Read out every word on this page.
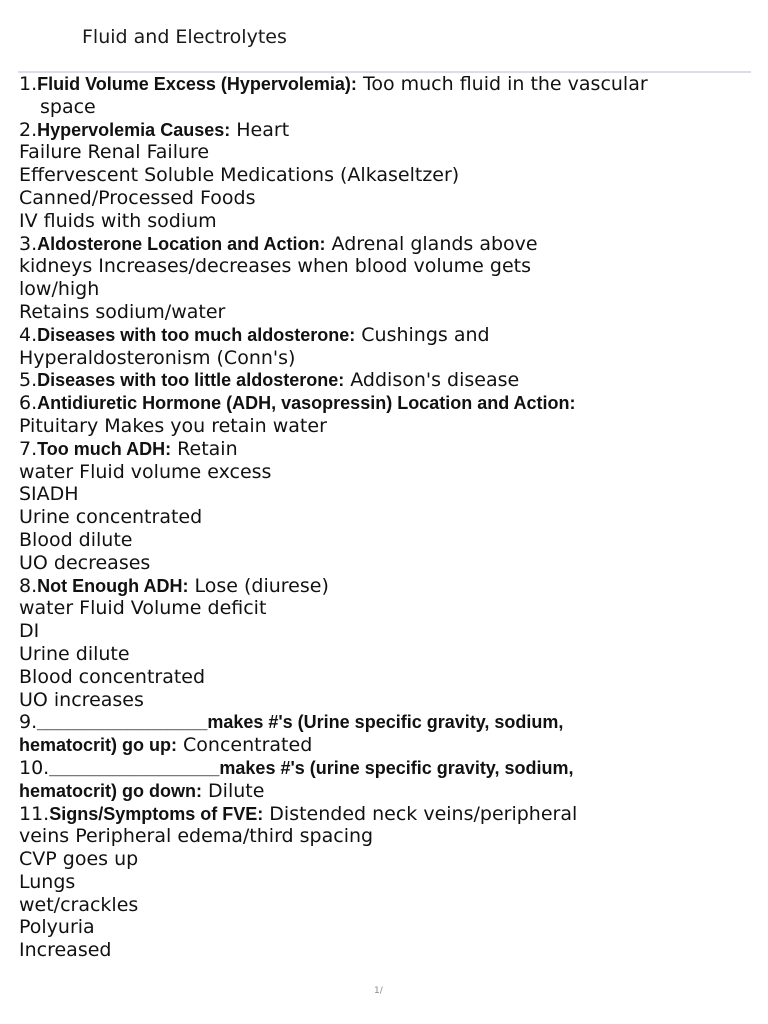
Fluid and Electrolytes
1.Fluid Volume Excess (Hypervolemia): Too much fluid in the vascular
space
2.Hypervolemia Causes: Heart
Failure Renal Failure
Effervescent Soluble Medications (Alkaseltzer)
Canned/Processed Foods
IV fluids with sodium
3.Aldosterone Location and Action: Adrenal glands above
kidneys Increases/decreases when blood volume gets
low/high
Retains sodium/water
4.Diseases with too much aldosterone: Cushings and
Hyperaldosteronism (Conn's)
5.Diseases with too little aldosterone: Addison's disease
6.Antidiuretic Hormone (ADH, vasopressin) Location and Action:
Pituitary Makes you retain water
7.Too much ADH: Retain
water Fluid volume excess
SIADH
Urine concentrated
Blood dilute
UO decreases
8.Not Enough ADH: Lose (diurese)
water Fluid Volume deficit
DI
Urine dilute
Blood concentrated
UO increases
9._________________makes #'s (Urine specific gravity, sodium,
hematocrit) go up: Concentrated
10._________________makes #'s (urine specific gravity, sodium,
hematocrit) go down: Dilute
11.Signs/Symptoms of FVE: Distended neck veins/peripheral
veins Peripheral edema/third spacing
CVP goes up
Lungs
wet/crackles
Polyuria
Increased
1/
